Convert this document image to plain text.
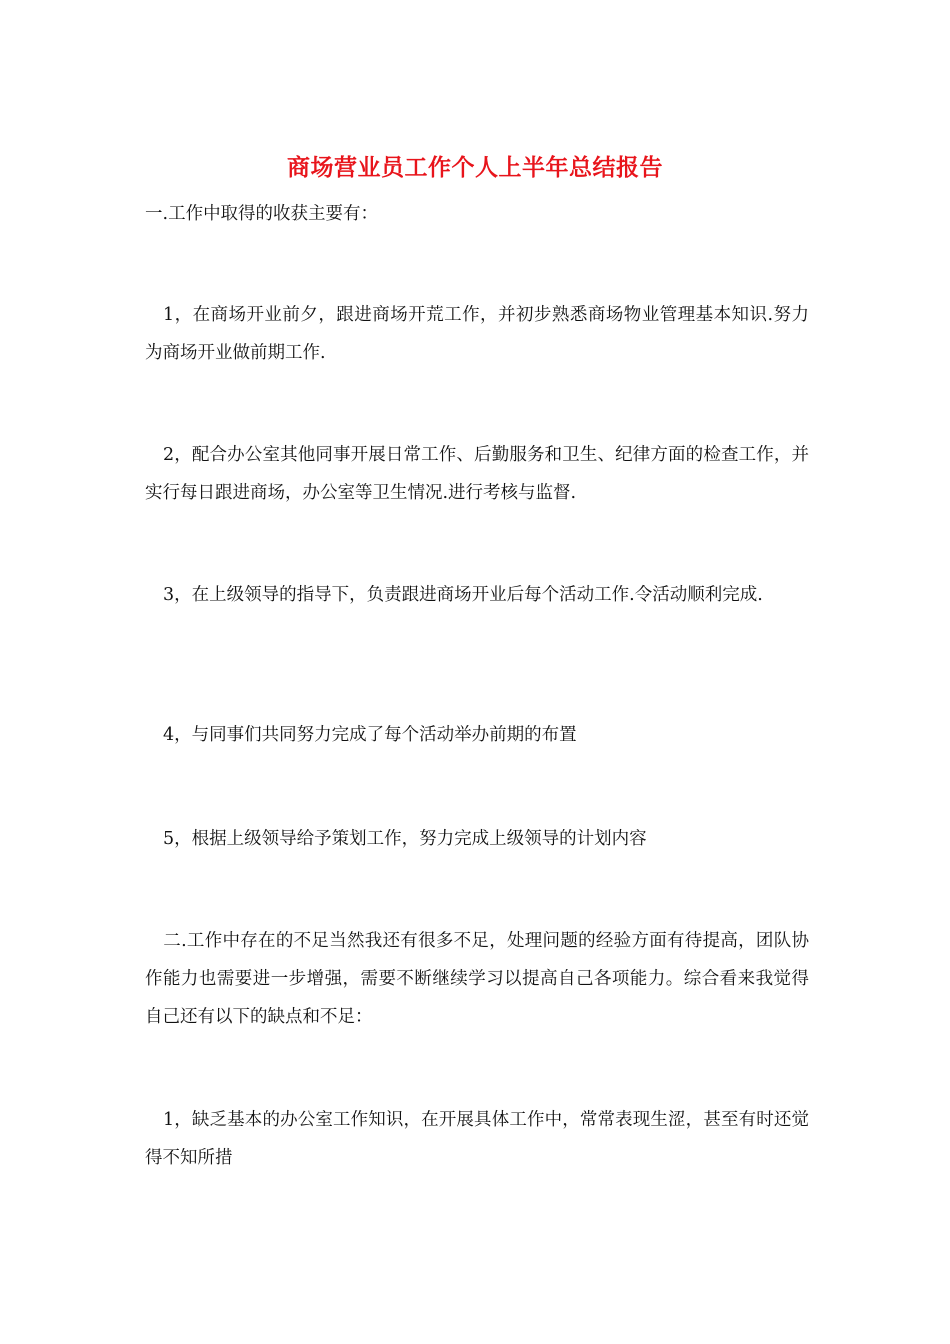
商场营业员工作个人上半年总结报告
一.工作中取得的收获主要有：
1，在商场开业前夕，跟进商场开荒工作，并初步熟悉商场物业管理基本知识.努力为商场开业做前期工作.
2，配合办公室其他同事开展日常工作、后勤服务和卫生、纪律方面的检查工作，并实行每日跟进商场，办公室等卫生情况.进行考核与监督.
3，在上级领导的指导下，负责跟进商场开业后每个活动工作.令活动顺利完成.
4，与同事们共同努力完成了每个活动举办前期的布置
5，根据上级领导给予策划工作，努力完成上级领导的计划内容
二.工作中存在的不足当然我还有很多不足，处理问题的经验方面有待提高，团队协作能力也需要进一步增强，需要不断继续学习以提高自己各项能力。综合看来我觉得自己还有以下的缺点和不足：
1，缺乏基本的办公室工作知识，在开展具体工作中，常常表现生涩，甚至有时还觉得不知所措
